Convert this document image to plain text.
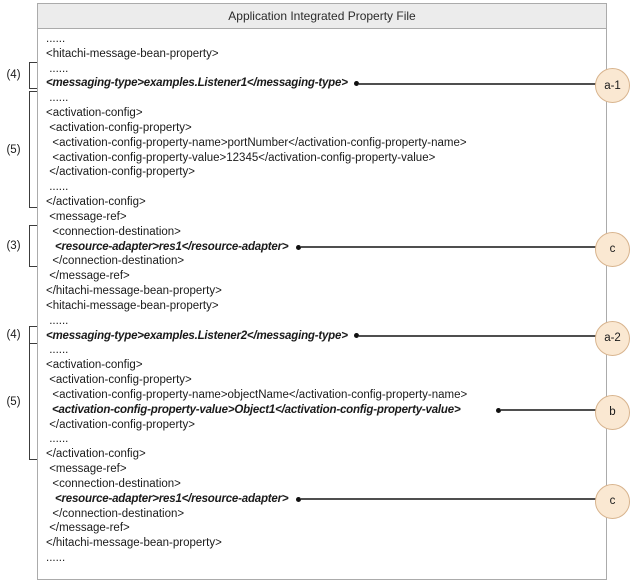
Application Integrated Property File
......
<hitachi-message-bean-property>
......
<messaging-type>examples.Listener1</messaging-type>
......
<activation-config>
<activation-config-property>
<activation-config-property-name>portNumber</activation-config-property-name>
<activation-config-property-value>12345</activation-config-property-value>
</activation-config-property>
......
</activation-config>
<message-ref>
<connection-destination>
<resource-adapter>res1</resource-adapter>
</connection-destination>
</message-ref>
</hitachi-message-bean-property>
<hitachi-message-bean-property>
......
<messaging-type>examples.Listener2</messaging-type>
......
<activation-config>
<activation-config-property>
<activation-config-property-name>objectName</activation-config-property-name>
<activation-config-property-value>Object1</activation-config-property-value>
</activation-config-property>
......
</activation-config>
<message-ref>
<connection-destination>
<resource-adapter>res1</resource-adapter>
</connection-destination>
</message-ref>
</hitachi-message-bean-property>
......
a-1
c
a-2
b
c
(4)
(5)
(3)
(4)
(5)
